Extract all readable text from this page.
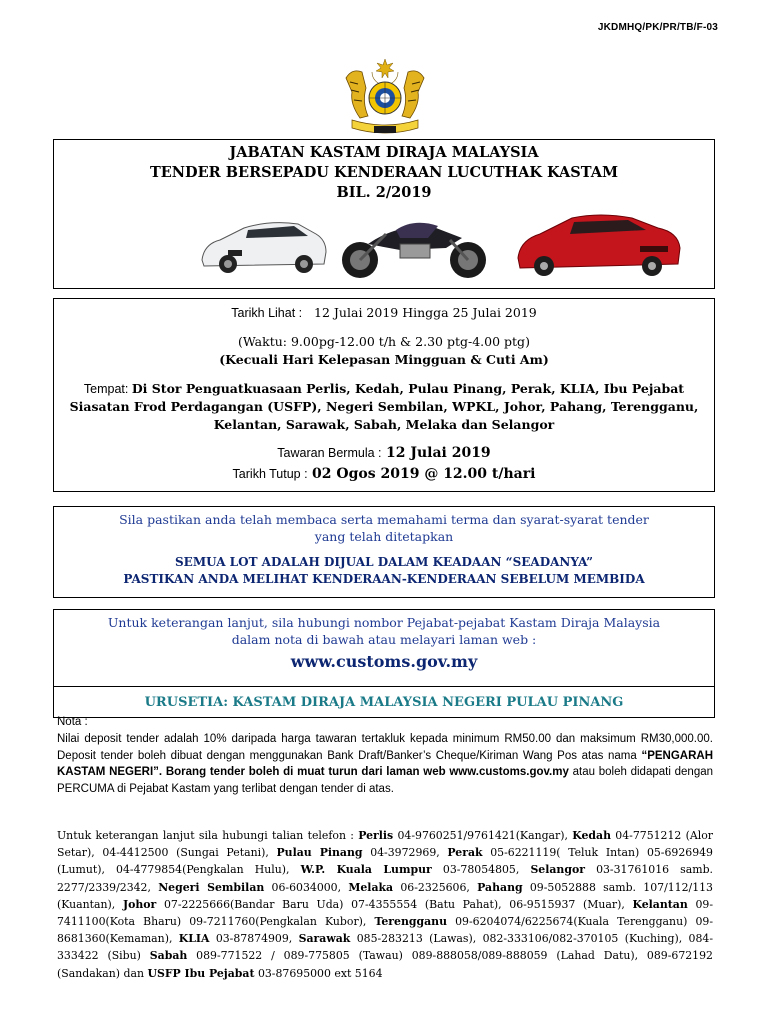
JKDMHQ/PK/PR/TB/F-03
JABATAN KASTAM DIRAJA MALAYSIA
TENDER BERSEPADU KENDERAAN LUCUTHAK KASTAM
BIL. 2/2019
Tarikh Lihat : 12 Julai 2019 Hingga 25 Julai 2019
(Waktu: 9.00pg-12.00 t/h & 2.30 ptg-4.00 ptg)
(Kecuali Hari Kelepasan Mingguan & Cuti Am)
Tempat: Di Stor Penguatkuasaan Perlis, Kedah, Pulau Pinang, Perak, KLIA, Ibu Pejabat
Siasatan Frod Perdagangan (USFP), Negeri Sembilan, WPKL, Johor, Pahang, Terengganu,
Kelantan, Sarawak, Sabah, Melaka dan Selangor
Tawaran Bermula : 12 Julai 2019
Tarikh Tutup : 02 Ogos 2019 @ 12.00 t/hari
Sila pastikan anda telah membaca serta memahami terma dan syarat-syarat tender
yang telah ditetapkan
SEMUA LOT ADALAH DIJUAL DALAM KEADAAN “SEADANYA”
PASTIKAN ANDA MELIHAT KENDERAAN-KENDERAAN SEBELUM MEMBIDA
Untuk keterangan lanjut, sila hubungi nombor Pejabat-pejabat Kastam Diraja Malaysia
dalam nota di bawah atau melayari laman web :
www.customs.gov.my
URUSETIA: KASTAM DIRAJA MALAYSIA NEGERI PULAU PINANG
Nota :
Nilai deposit tender adalah 10% daripada harga tawaran tertakluk kepada minimum RM50.00 dan maksimum RM30,000.00. Deposit tender boleh dibuat dengan menggunakan Bank Draft/Banker’s Cheque/Kiriman Wang Pos atas nama “PENGARAH KASTAM NEGERI”. Borang tender boleh di muat turun dari laman web www.customs.gov.my atau boleh didapati dengan PERCUMA di Pejabat Kastam yang terlibat dengan tender di atas.
Untuk keterangan lanjut sila hubungi talian telefon : Perlis 04-9760251/9761421(Kangar), Kedah 04-7751212 (Alor Setar), 04-4412500 (Sungai Petani), Pulau Pinang 04-3972969, Perak 05-6221119( Teluk Intan) 05-6926949 (Lumut), 04-4779854(Pengkalan Hulu), W.P. Kuala Lumpur 03-78054805, Selangor 03-31761016 samb. 2277/2339/2342, Negeri Sembilan 06-6034000, Melaka 06-2325606, Pahang 09-5052888 samb. 107/112/113 (Kuantan), Johor 07-2225666(Bandar Baru Uda) 07-4355554 (Batu Pahat), 06-9515937 (Muar), Kelantan 09-7411100(Kota Bharu) 09-7211760(Pengkalan Kubor), Terengganu 09-6204074/6225674(Kuala Terengganu) 09-8681360(Kemaman), KLIA 03-87874909, Sarawak 085-283213 (Lawas), 082-333106/082-370105 (Kuching), 084-333422 (Sibu) Sabah 089-771522 / 089-775805 (Tawau) 089-888058/089-888059 (Lahad Datu), 089-672192 (Sandakan) dan USFP Ibu Pejabat 03-87695000 ext 5164
